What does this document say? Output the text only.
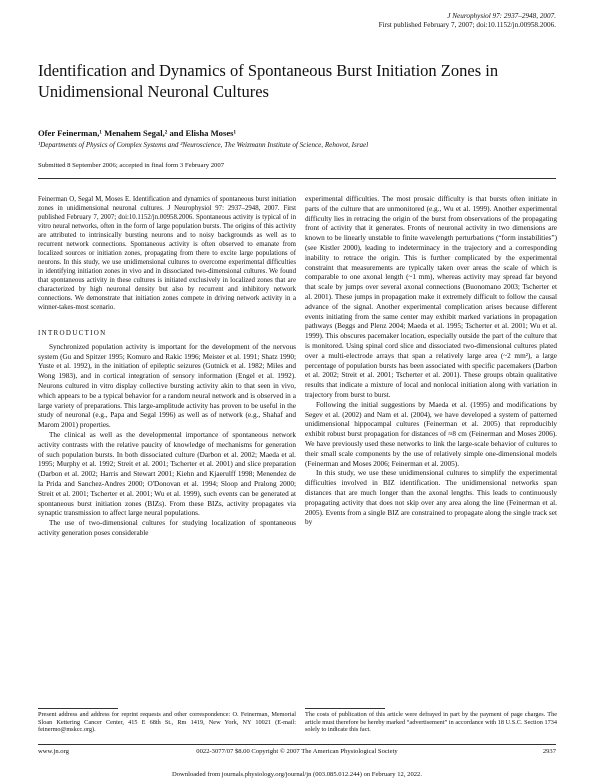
J Neurophysiol 97: 2937–2948, 2007.
First published February 7, 2007; doi:10.1152/jn.00958.2006.
Identification and Dynamics of Spontaneous Burst Initiation Zones in Unidimensional Neuronal Cultures
Ofer Feinerman,¹ Menahem Segal,² and Elisha Moses¹
¹Departments of Physics of Complex Systems and ²Neuroscience, The Weizmann Institute of Science, Rehovot, Israel
Submitted 8 September 2006; accepted in final form 3 February 2007

Feinerman O, Segal M, Moses E. Identification and dynamics of spontaneous burst initiation zones in unidimensional neuronal cultures. J Neurophysiol 97: 2937–2948, 2007. First published February 7, 2007; doi:10.1152/jn.00958.2006. Spontaneous activity is typical of in vitro neural networks, often in the form of large population bursts. The origins of this activity are attributed to intrinsically bursting neurons and to noisy backgrounds as well as to recurrent network connections. Spontaneous activity is often observed to emanate from localized sources or initiation zones, propagating from there to excite large populations of neurons. In this study, we use unidimensional cultures to overcome experimental difficulties in identifying initiation zones in vivo and in dissociated two-dimensional cultures. We found that spontaneous activity in these cultures is initiated exclusively in localized zones that are characterized by high neuronal density but also by recurrent and inhibitory network connections. We demonstrate that initiation zones compete in driving network activity in a winner-takes-most scenario.

INTRODUCTION

Synchronized population activity is important for the development of the nervous system (Gu and Spitzer 1995; Komuro and Rakic 1996; Meister et al. 1991; Shatz 1990; Yuste et al. 1992), in the initiation of epileptic seizures (Gutnick et al. 1982; Miles and Wong 1983), and in cortical integration of sensory information (Engel et al. 1992). Neurons cultured in vitro display collective bursting activity akin to that seen in vivo, which appears to be a typical behavior for a random neural network and is observed in a large variety of preparations. This large-amplitude activity has proven to be useful in the study of neuronal (e.g., Papa and Segal 1996) as well as of network (e.g., Shahaf and Marom 2001) properties.

The clinical as well as the developmental importance of spontaneous network activity contrasts with the relative paucity of knowledge of mechanisms for generation of such population bursts. In both dissociated culture (Darbon et al. 2002; Maeda et al. 1995; Murphy et al. 1992; Streit et al. 2001; Tscherter et al. 2001) and slice preparation (Darbon et al. 2002; Harris and Stewart 2001; Kiehn and Kjaerulff 1998; Menendez de la Prida and Sanchez-Andres 2000; O'Donovan et al. 1994; Sloop and Pralong 2000; Streit et al. 2001; Tscherter et al. 2001; Wu et al. 1999), such events can be generated at spontaneous burst initiation zones (BIZs). From these BIZs, activity propagates via synaptic transmission to affect large neural populations.

The use of two-dimensional cultures for studying localization of spontaneous activity generation poses considerable

experimental difficulties. The most prosaic difficulty is that bursts often initiate in parts of the culture that are unmonitored (e.g., Wu et al. 1999). Another experimental difficulty lies in retracing the origin of the burst from observations of the propagating front of activity that it generates. Fronts of neuronal activity in two dimensions are known to be linearly unstable to finite wavelength perturbations (“form instabilities”) (see Kistler 2000), leading to indeterminacy in the trajectory and a corresponding inability to retrace the origin. This is further complicated by the experimental constraint that measurements are typically taken over areas the scale of which is comparable to one axonal length (~1 mm), whereas activity may spread far beyond that scale by jumps over several axonal connections (Buonomano 2003; Tscherter et al. 2001). These jumps in propagation make it extremely difficult to follow the causal advance of the signal. Another experimental complication arises because different events initiating from the same center may exhibit marked variations in propagation pathways (Beggs and Plenz 2004; Maeda et al. 1995; Tscherter et al. 2001; Wu et al. 1999). This obscures pacemaker location, especially outside the part of the culture that is monitored. Using spinal cord slice and dissociated two-dimensional cultures plated over a multi-electrode arrays that span a relatively large area (~2 mm²), a large percentage of population bursts has been associated with specific pacemakers (Darbon et al. 2002; Streit et al. 2001; Tscherter et al. 2001). These groups obtain qualitative results that indicate a mixture of local and nonlocal initiation along with variation in trajectory from burst to burst.

Following the initial suggestions by Maeda et al. (1995) and modifications by Segev et al. (2002) and Nam et al. (2004), we have developed a system of patterned unidimensional hippocampal cultures (Feinerman et al. 2005) that reproducibly exhibit robust burst propagation for distances of ≈8 cm (Feinerman and Moses 2006). We have previously used these networks to link the large-scale behavior of cultures to their small scale components by the use of relatively simple one-dimensional models (Feinerman and Moses 2006; Feinerman et al. 2005).

In this study, we use these unidimensional cultures to simplify the experimental difficulties involved in BIZ identification. The unidimensional networks span distances that are much longer than the axonal lengths. This leads to continuously propagating activity that does not skip over any area along the line (Feinerman et al. 2005). Events from a single BIZ are constrained to propagate along the single track set by

Present address and address for reprint requests and other correspondence: O. Feinerman, Memorial Sloan Kettering Cancer Center, 415 E 68th St., Rm 1419, New York, NY 10021 (E-mail: feinermo@mskcc.org).
The costs of publication of this article were defrayed in part by the payment of page charges. The article must therefore be hereby marked “advertisement” in accordance with 18 U.S.C. Section 1734 solely to indicate this fact.
www.jn.org	0022-3077/07 $8.00 Copyright © 2007 The American Physiological Society	2937
Downloaded from journals.physiology.org/journal/jn (003.085.012.244) on February 12, 2022.
